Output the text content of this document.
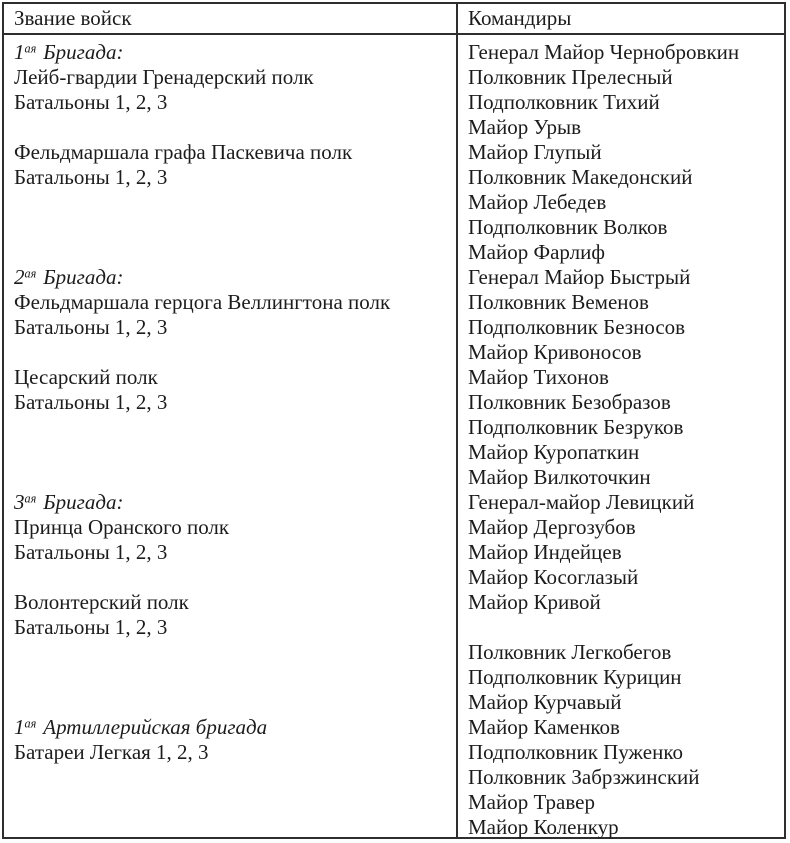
Звание войск	Командиры
$1^{ая}$ Бригада:
Лейб-гвардии Гренадерский полк
Батальоны 1, 2, 3
Фельдмаршала графа Паскевича полк
Батальоны 1, 2, 3
$2^{ая}$ Бригада:
Фельдмаршала герцога Веллингтона полк
Батальоны 1, 2, 3
Цесарский полк
Батальоны 1, 2, 3
$3^{ая}$ Бригада:
Принца Оранского полк
Батальоны 1, 2, 3
Волонтерский полк
Батальоны 1, 2, 3
$1^{ая}$ Артиллерийская бригада
Батареи Легкая 1, 2, 3
Генерал Майор Чернобровкин
Полковник Прелесный
Подполковник Тихий
Майор Урыв
Майор Глупый
Полковник Македонский
Майор Лебедев
Подполковник Волков
Майор Фарлиф
Генерал Майор Быстрый
Полковник Веменов
Подполковник Безносов
Майор Кривоносов
Майор Тихонов
Полковник Безобразов
Подполковник Безруков
Майор Куропаткин
Майор Вилкоточкин
Генерал-майор Левицкий
Майор Дергозубов
Майор Индейцев
Майор Косоглазый
Майор Кривой
Полковник Легкобегов
Подполковник Курицин
Майор Курчавый
Майор Каменков
Подполковник Пуженко
Полковник Забрзжинский
Майор Травер
Майор Коленкур
